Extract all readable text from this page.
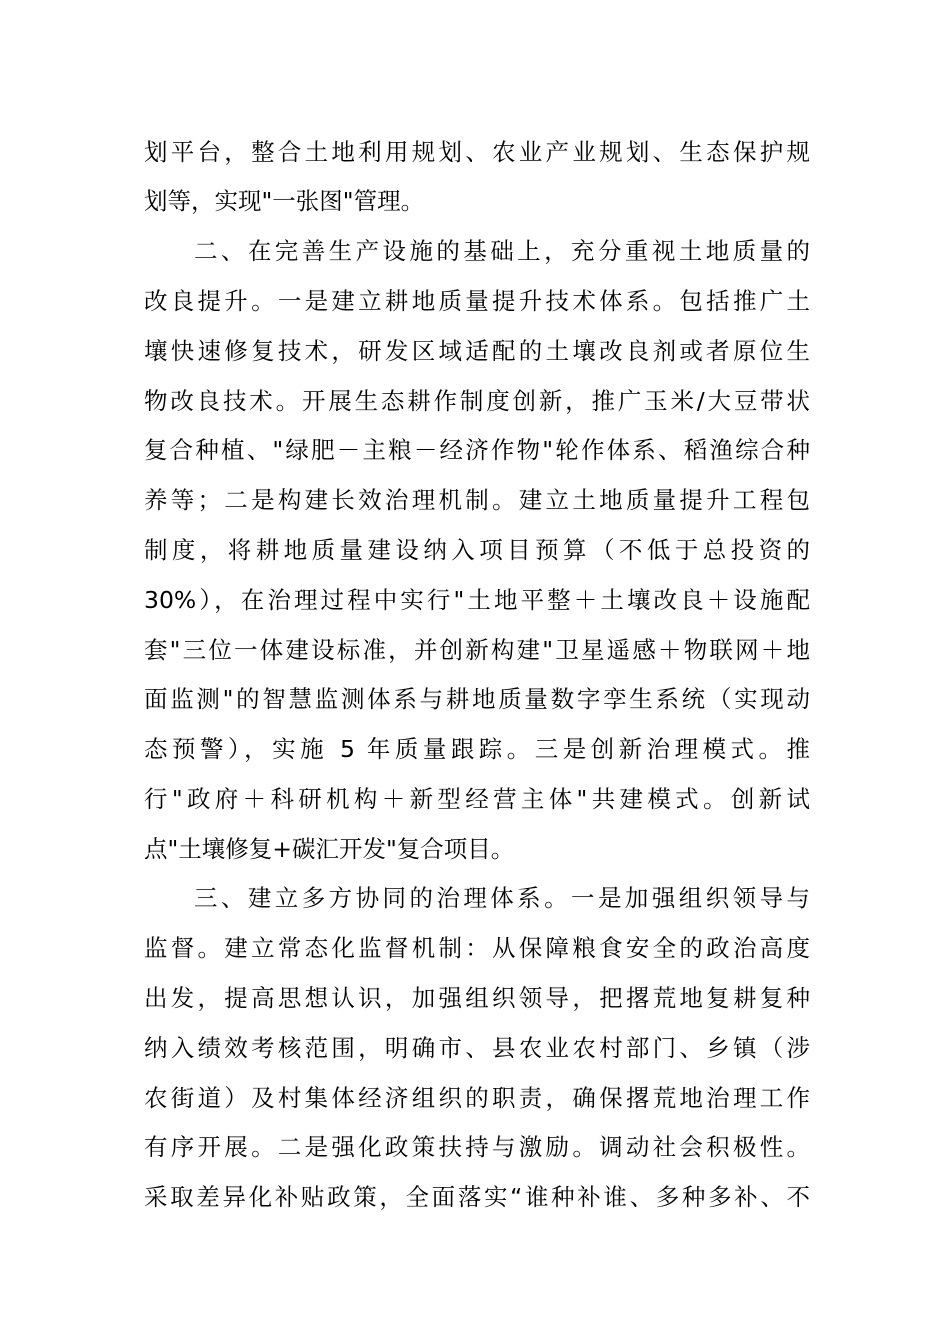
划平台，整合土地利用规划、农业产业规划、生态保护规
划等，实现"一张图"管理。
二、在完善生产设施的基础上，充分重视土地质量的
改良提升。一是建立耕地质量提升技术体系。包括推广土
壤快速修复技术，研发区域适配的土壤改良剂或者原位生
物改良技术。开展生态耕作制度创新，推广玉米/大豆带状
复合种植、"绿肥－主粮－经济作物"轮作体系、稻渔综合种
养等；二是构建长效治理机制。建立土地质量提升工程包
制度，将耕地质量建设纳入项目预算（不低于总投资的
30%），在治理过程中实行"土地平整＋土壤改良＋设施配
套"三位一体建设标准，并创新构建"卫星遥感＋物联网＋地
面监测"的智慧监测体系与耕地质量数字孪生系统（实现动
态预警），实施 5 年质量跟踪。三是创新治理模式。推
行"政府＋科研机构＋新型经营主体"共建模式。创新试
点"土壤修复+碳汇开发"复合项目。
三、建立多方协同的治理体系。一是加强组织领导与
监督。建立常态化监督机制：从保障粮食安全的政治高度
出发，提高思想认识，加强组织领导，把撂荒地复耕复种
纳入绩效考核范围，明确市、县农业农村部门、乡镇（涉
农街道）及村集体经济组织的职责，确保撂荒地治理工作
有序开展。二是强化政策扶持与激励。调动社会积极性。
采取差异化补贴政策，全面落实“谁种补谁、多种多补、不
